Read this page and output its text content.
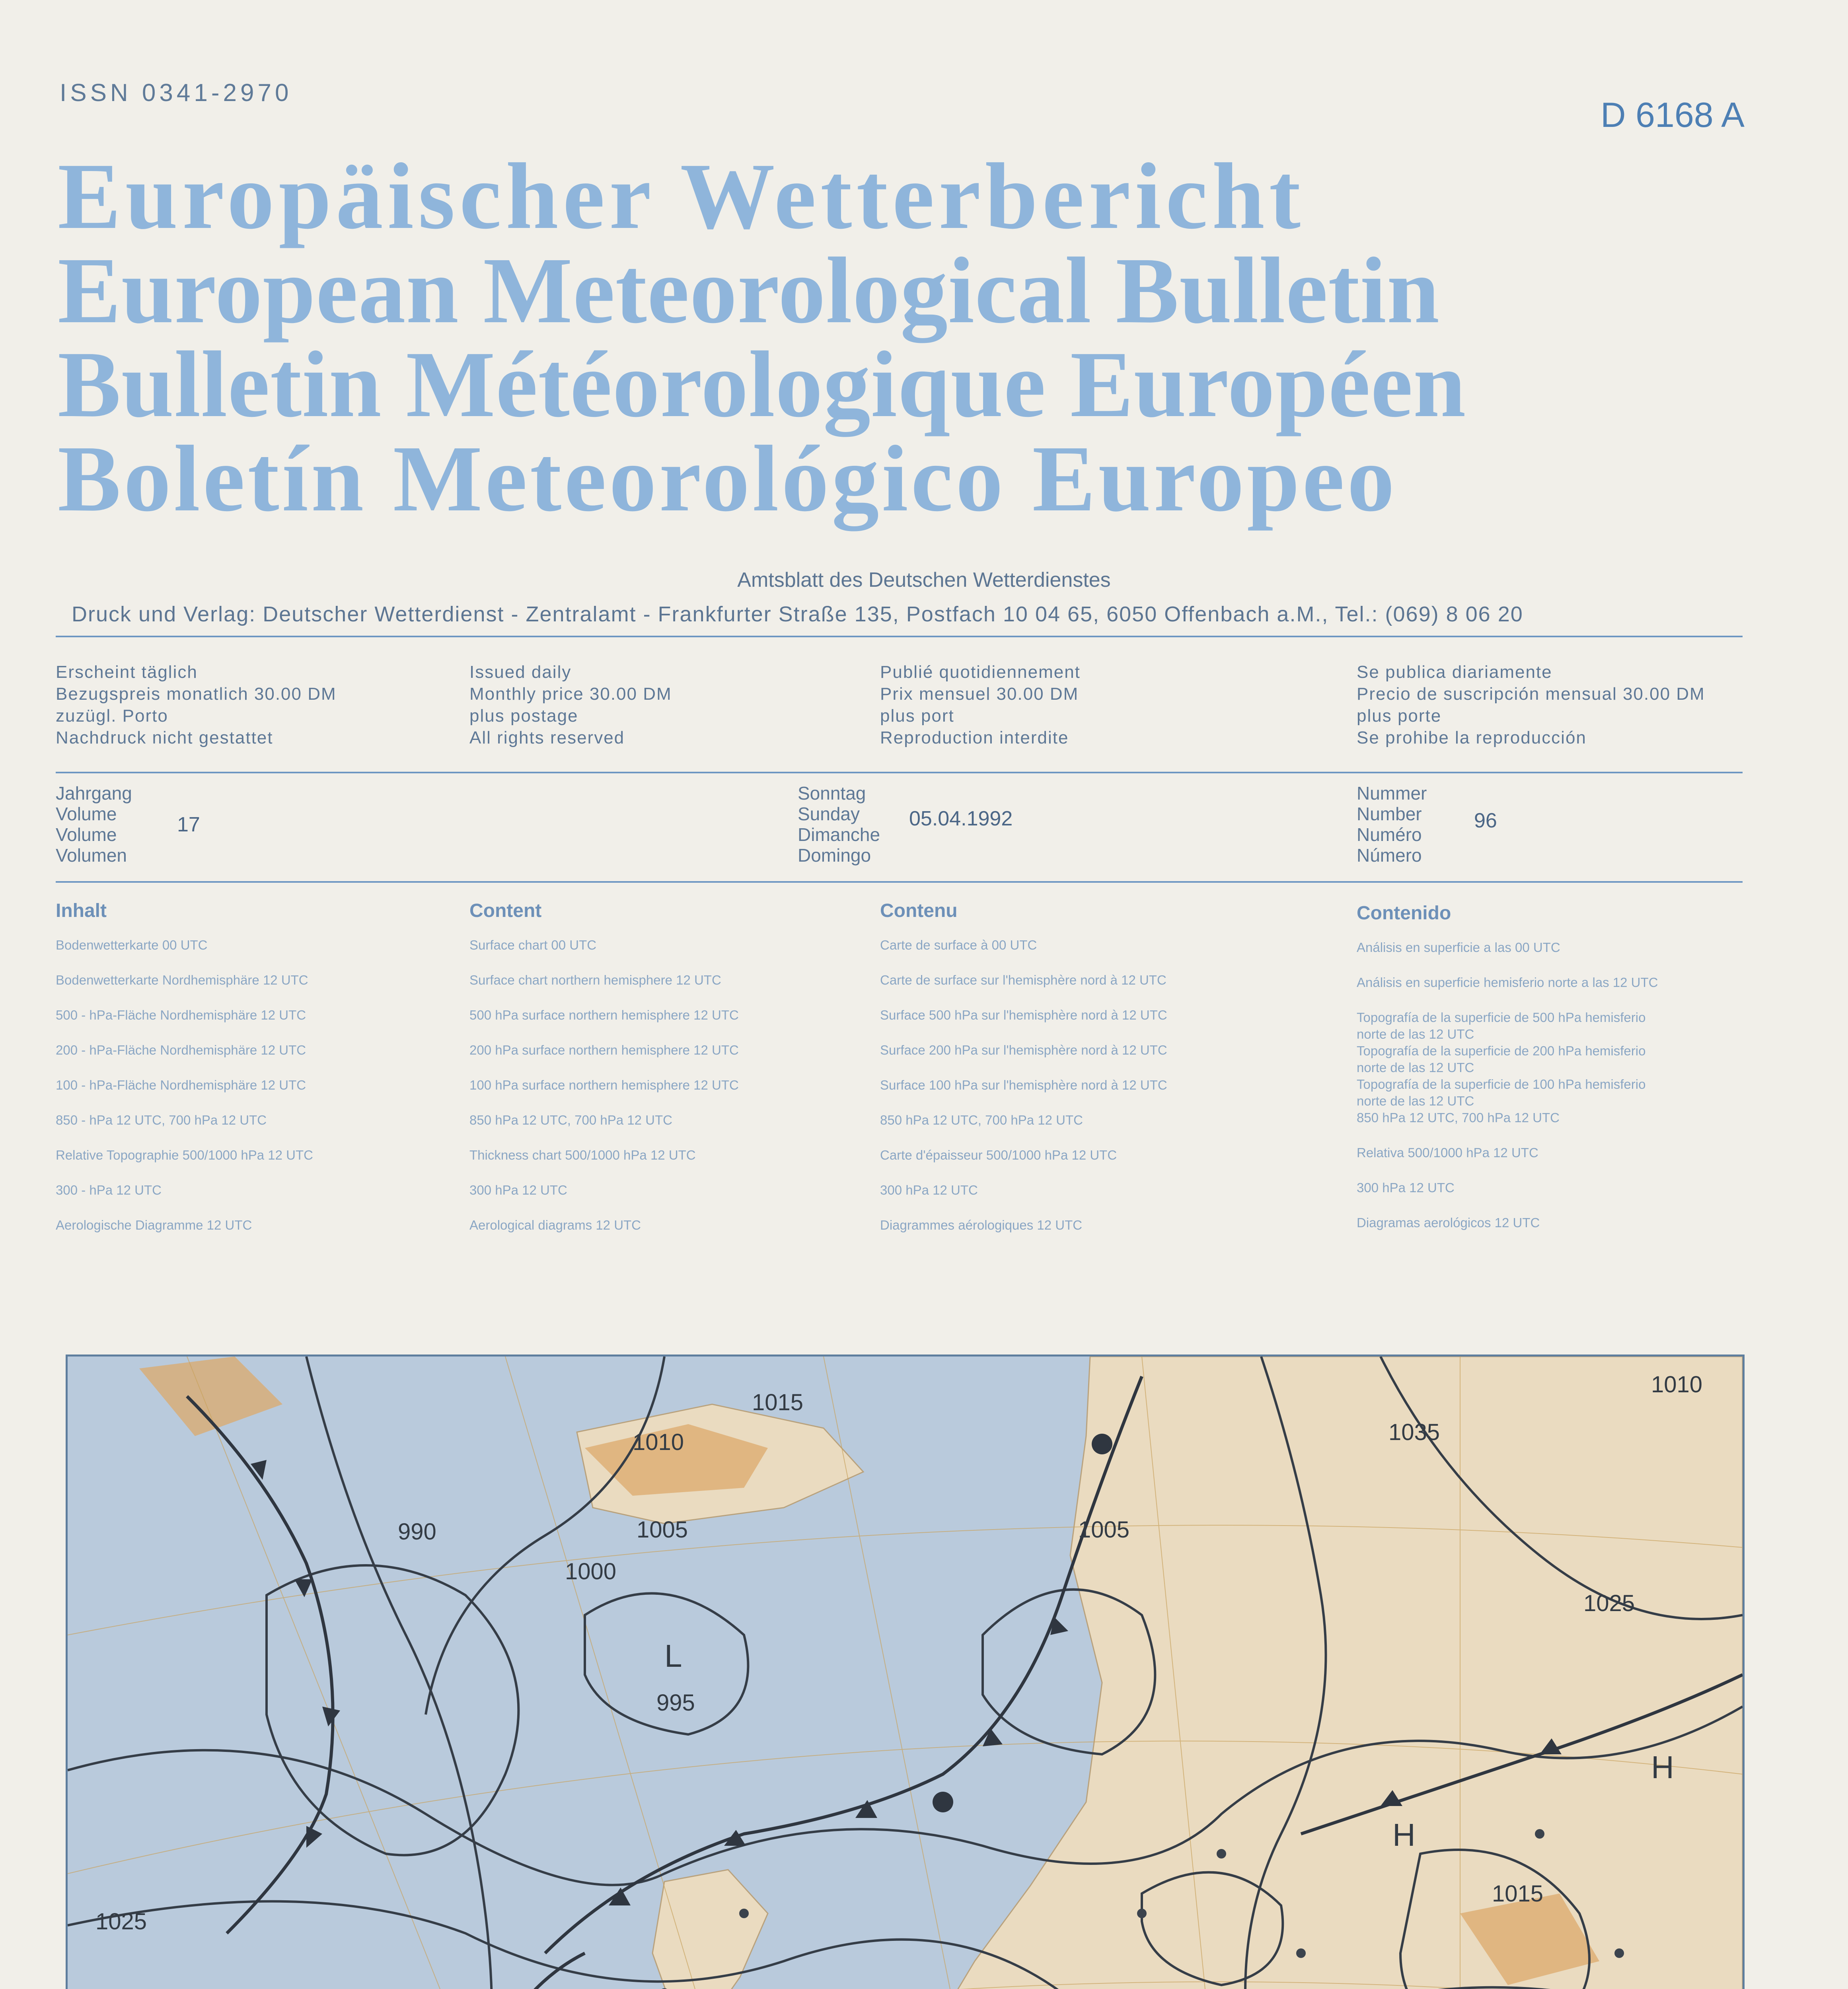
ISSN 0341-2970
D 6168 A
Europäischer Wetterbericht
European Meteorological Bulletin
Bulletin Météorologique Européen
Boletín Meteorológico Europeo
Amtsblatt des Deutschen Wetterdienstes
Druck und Verlag: Deutscher Wetterdienst - Zentralamt - Frankfurter Straße 135, Postfach 10 04 65, 6050 Offenbach a.M., Tel.: (069) 8 06 20
Erscheint täglich
Bezugspreis monatlich 30.00 DM
zuzügl. Porto
Nachdruck nicht gestattet
Issued daily
Monthly price 30.00 DM
plus postage
All rights reserved
Publié quotidiennement
Prix mensuel 30.00 DM
plus port
Reproduction interdite
Se publica diariamente
Precio de suscripción mensual 30.00 DM
plus porte
Se prohibe la reproducción
Jahrgang
Volume
Volume
Volumen
17
Sonntag
Sunday
Dimanche
Domingo
05.04.1992
Nummer
Number
Numéro
Número
96
Inhalt
Bodenwetterkarte 00 UTC
Bodenwetterkarte Nordhemisphäre 12 UTC
500 - hPa-Fläche Nordhemisphäre 12 UTC
200 - hPa-Fläche Nordhemisphäre 12 UTC
100 - hPa-Fläche Nordhemisphäre 12 UTC
850 - hPa 12 UTC, 700 hPa 12 UTC
Relative Topographie 500/1000 hPa 12 UTC
300 - hPa 12 UTC
Aerologische Diagramme 12 UTC
Content
Surface chart 00 UTC
Surface chart northern hemisphere 12 UTC
500 hPa surface northern hemisphere 12 UTC
200 hPa surface northern hemisphere 12 UTC
100 hPa surface northern hemisphere 12 UTC
850 hPa 12 UTC, 700 hPa 12 UTC
Thickness chart 500/1000 hPa 12 UTC
300 hPa 12 UTC
Aerological diagrams 12 UTC
Contenu
Carte de surface à 00 UTC
Carte de surface sur l'hemisphère nord à 12 UTC
Surface 500 hPa sur l'hemisphère nord à 12 UTC
Surface 200 hPa sur l'hemisphère nord à 12 UTC
Surface 100 hPa sur l'hemisphère nord à 12 UTC
850 hPa 12 UTC, 700 hPa 12 UTC
Carte d'épaisseur 500/1000 hPa 12 UTC
300 hPa 12 UTC
Diagrammes aérologiques 12 UTC
Contenido
Análisis en superficie a las 00 UTC
Análisis en superficie hemisferio norte a las 12 UTC
Topografía de la superficie de 500 hPa hemisferio
norte de las 12 UTC
Topografía de la superficie de 200 hPa hemisferio
norte de las 12 UTC
Topografía de la superficie de 100 hPa hemisferio
norte de las 12 UTC
850 hPa 12 UTC, 700 hPa 12 UTC
Relativa 500/1000 hPa 12 UTC
300 hPa 12 UTC
Diagramas aerológicos 12 UTC
1015
1010
1005
1000
995
990
1025
1035
1025
1015
1010
1005
L
H
H
